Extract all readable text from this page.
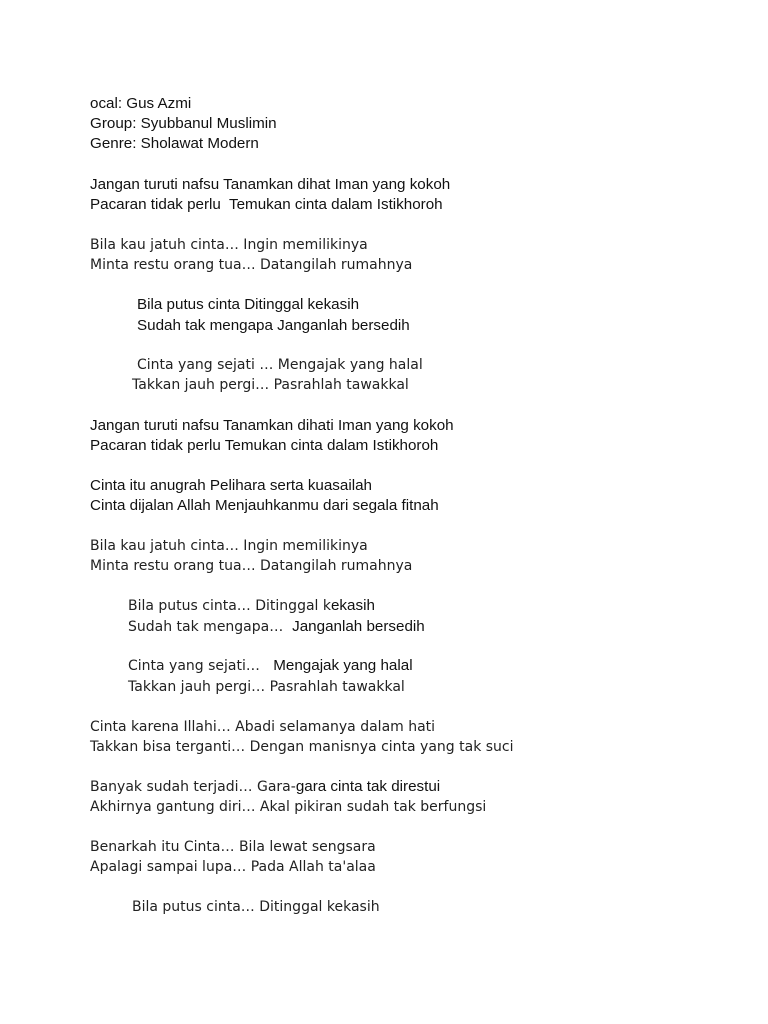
ocal: Gus Azmi
Group: Syubbanul Muslimin
Genre: Sholawat Modern
Jangan turuti nafsu Tanamkan dihat Iman yang kokoh
Pacaran tidak perlu  Temukan cinta dalam Istikhoroh
Bila kau jatuh cinta… Ingin memilikinya
Minta restu orang tua… Datangilah rumahnya
Bila putus cinta Ditinggal kekasih
Sudah tak mengapa Janganlah bersedih
Cinta yang sejati … Mengajak yang halal
Takkan jauh pergi… Pasrahlah tawakkal
Jangan turuti nafsu Tanamkan dihati Iman yang kokoh
Pacaran tidak perlu Temukan cinta dalam Istikhoroh
Cinta itu anugrah Pelihara serta kuasailah
Cinta dijalan Allah Menjauhkanmu dari segala fitnah
Bila kau jatuh cinta… Ingin memilikinya
Minta restu orang tua… Datangilah rumahnya
Bila putus cinta… Ditinggal kekasih
Sudah tak mengapa…  Janganlah bersedih
Cinta yang sejati…   Mengajak yang halal
Takkan jauh pergi… Pasrahlah tawakkal
Cinta karena Illahi… Abadi selamanya dalam hati
Takkan bisa terganti… Dengan manisnya cinta yang tak suci
Banyak sudah terjadi… Gara-gara cinta tak direstui
Akhirnya gantung diri… Akal pikiran sudah tak berfungsi
Benarkah itu Cinta… Bila lewat sengsara
Apalagi sampai lupa… Pada Allah ta'alaa
Bila putus cinta… Ditinggal kekasih
